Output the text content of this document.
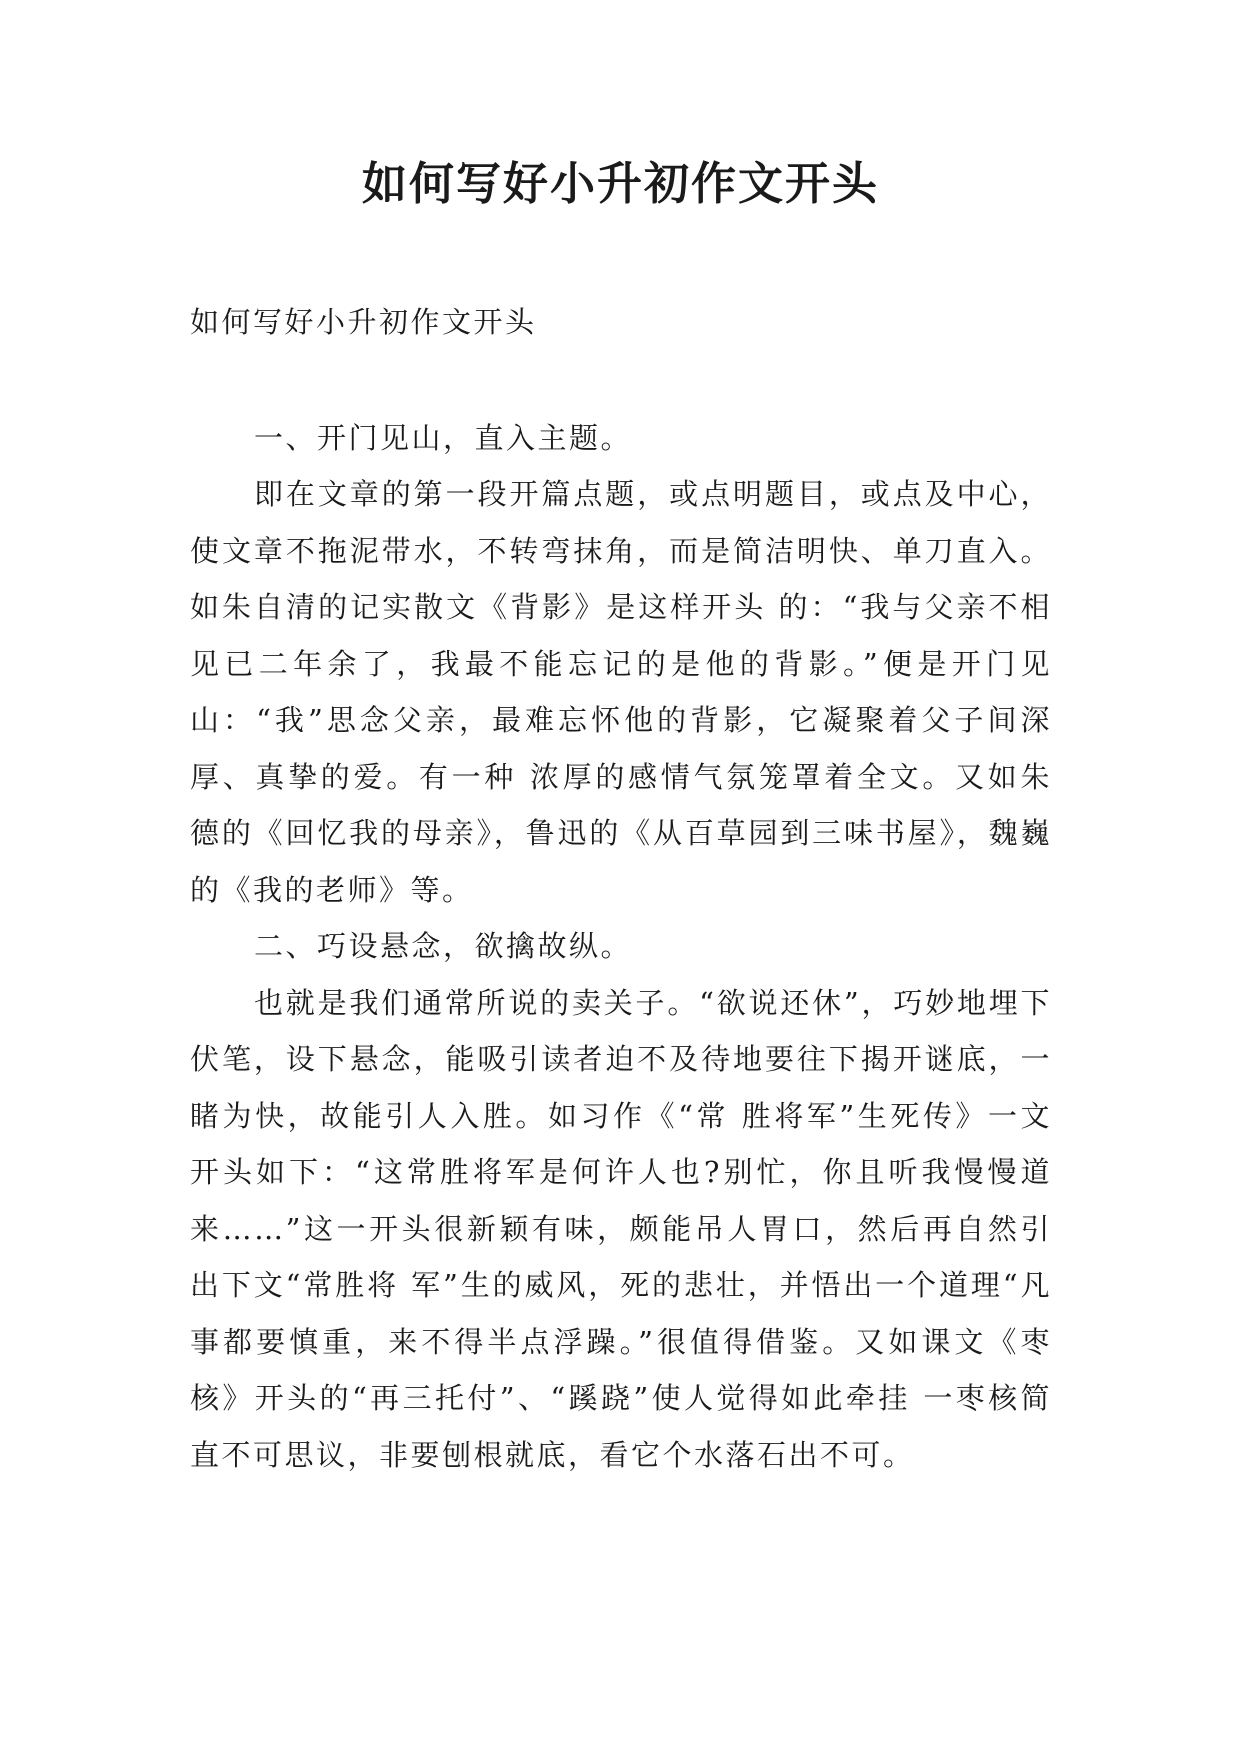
如何写好小升初作文开头

如何写好小升初作文开头

一、开门见山，直入主题。

即在文章的第一段开篇点题，或点明题目，或点及中心，使文章不拖泥带水，不转弯抹角，而是简洁明快、单刀直入。如朱自清的记实散文《背影》是这样开头 的：“我与父亲不相见已二年余了，我最不能忘记的是他的背影。”便是开门见山：“我”思念父亲，最难忘怀他的背影，它凝聚着父子间深厚、真挚的爱。有一种 浓厚的感情气氛笼罩着全文。又如朱德的《回忆我的母亲》，鲁迅的《从百草园到三味书屋》，魏巍的《我的老师》等。

二、巧设悬念，欲擒故纵。

也就是我们通常所说的卖关子。“欲说还休”，巧妙地埋下伏笔，设下悬念，能吸引读者迫不及待地要往下揭开谜底，一睹为快，故能引人入胜。如习作《“常 胜将军”生死传》一文开头如下：“这常胜将军是何许人也?别忙，你且听我慢慢道来……”这一开头很新颖有味，颇能吊人胃口，然后再自然引出下文“常胜将 军”生的威风，死的悲壮，并悟出一个道理“凡事都要慎重，来不得半点浮躁。”很值得借鉴。又如课文《枣核》开头的“再三托付”、“蹊跷”使人觉得如此牵挂 一枣核简直不可思议，非要刨根就底，看它个水落石出不可。
